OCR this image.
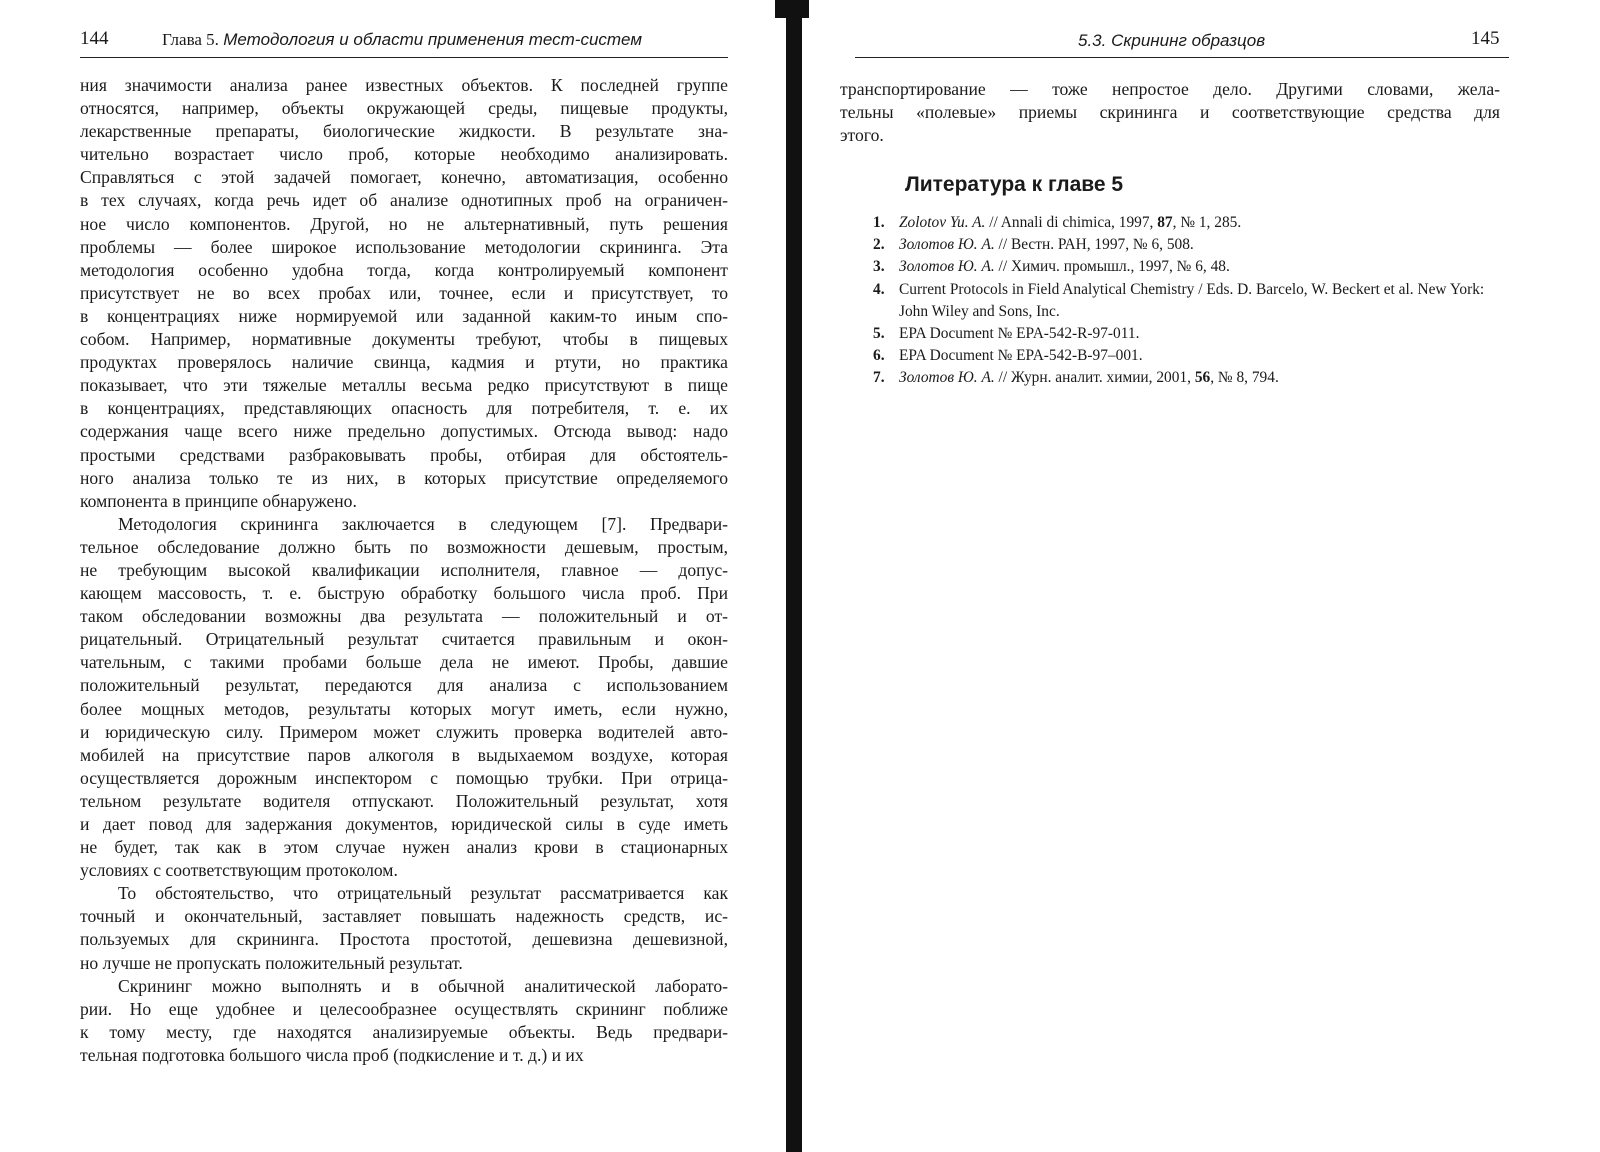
144	Глава 5. Методология и области применения тест-систем
ния значимости анализа ранее известных объектов. К последней группе
относятся, например, объекты окружающей среды, пищевые продукты,
лекарственные препараты, биологические жидкости. В результате зна-
чительно возрастает число проб, которые необходимо анализировать.
Справляться с этой задачей помогает, конечно, автоматизация, особенно
в тех случаях, когда речь идет об анализе однотипных проб на ограничен-
ное число компонентов. Другой, но не альтернативный, путь решения
проблемы — более широкое использование методологии скрининга. Эта
методология особенно удобна тогда, когда контролируемый компонент
присутствует не во всех пробах или, точнее, если и присутствует, то
в концентрациях ниже нормируемой или заданной каким-то иным спо-
собом. Например, нормативные документы требуют, чтобы в пищевых
продуктах проверялось наличие свинца, кадмия и ртути, но практика
показывает, что эти тяжелые металлы весьма редко присутствуют в пище
в концентрациях, представляющих опасность для потребителя, т. е. их
содержания чаще всего ниже предельно допустимых. Отсюда вывод: надо
простыми средствами разбраковывать пробы, отбирая для обстоятель-
ного анализа только те из них, в которых присутствие определяемого
компонента в принципе обнаружено.
Методология скрининга заключается в следующем [7]. Предвари-
тельное обследование должно быть по возможности дешевым, простым,
не требующим высокой квалификации исполнителя, главное — допус-
кающем массовость, т. е. быструю обработку большого числа проб. При
таком обследовании возможны два результата — положительный и от-
рицательный. Отрицательный результат считается правильным и окон-
чательным, с такими пробами больше дела не имеют. Пробы, давшие
положительный результат, передаются для анализа с использованием
более мощных методов, результаты которых могут иметь, если нужно,
и юридическую силу. Примером может служить проверка водителей авто-
мобилей на присутствие паров алкоголя в выдыхаемом воздухе, которая
осуществляется дорожным инспектором с помощью трубки. При отрица-
тельном результате водителя отпускают. Положительный результат, хотя
и дает повод для задержания документов, юридической силы в суде иметь
не будет, так как в этом случае нужен анализ крови в стационарных
условиях с соответствующим протоколом.
То обстоятельство, что отрицательный результат рассматривается как
точный и окончательный, заставляет повышать надежность средств, ис-
пользуемых для скрининга. Простота простотой, дешевизна дешевизной,
но лучше не пропускать положительный результат.
Скрининг можно выполнять и в обычной аналитической лаборато-
рии. Но еще удобнее и целесообразнее осуществлять скрининг поближе
к тому месту, где находятся анализируемые объекты. Ведь предвари-
тельная подготовка большого числа проб (подкисление и т. д.) и их
5.3. Скрининг образцов	145
транспортирование — тоже непростое дело. Другими словами, жела-
тельны «полевые» приемы скрининга и соответствующие средства для
этого.
Литература к главе 5
1. Zolotov Yu. A. // Annali di chimica, 1997, 87, № 1, 285.
2. Золотов Ю. А. // Вестн. РАН, 1997, № 6, 508.
3. Золотов Ю. А. // Химич. промышл., 1997, № 6, 48.
4. Current Protocols in Field Analytical Chemistry / Eds. D. Barcelo, W. Beckert et al. New York: John Wiley and Sons, Inc.
5. EPA Document № EPA-542-R-97-011.
6. EPA Document № EPA-542-B-97–001.
7. Золотов Ю. А. // Журн. аналит. химии, 2001, 56, № 8, 794.
